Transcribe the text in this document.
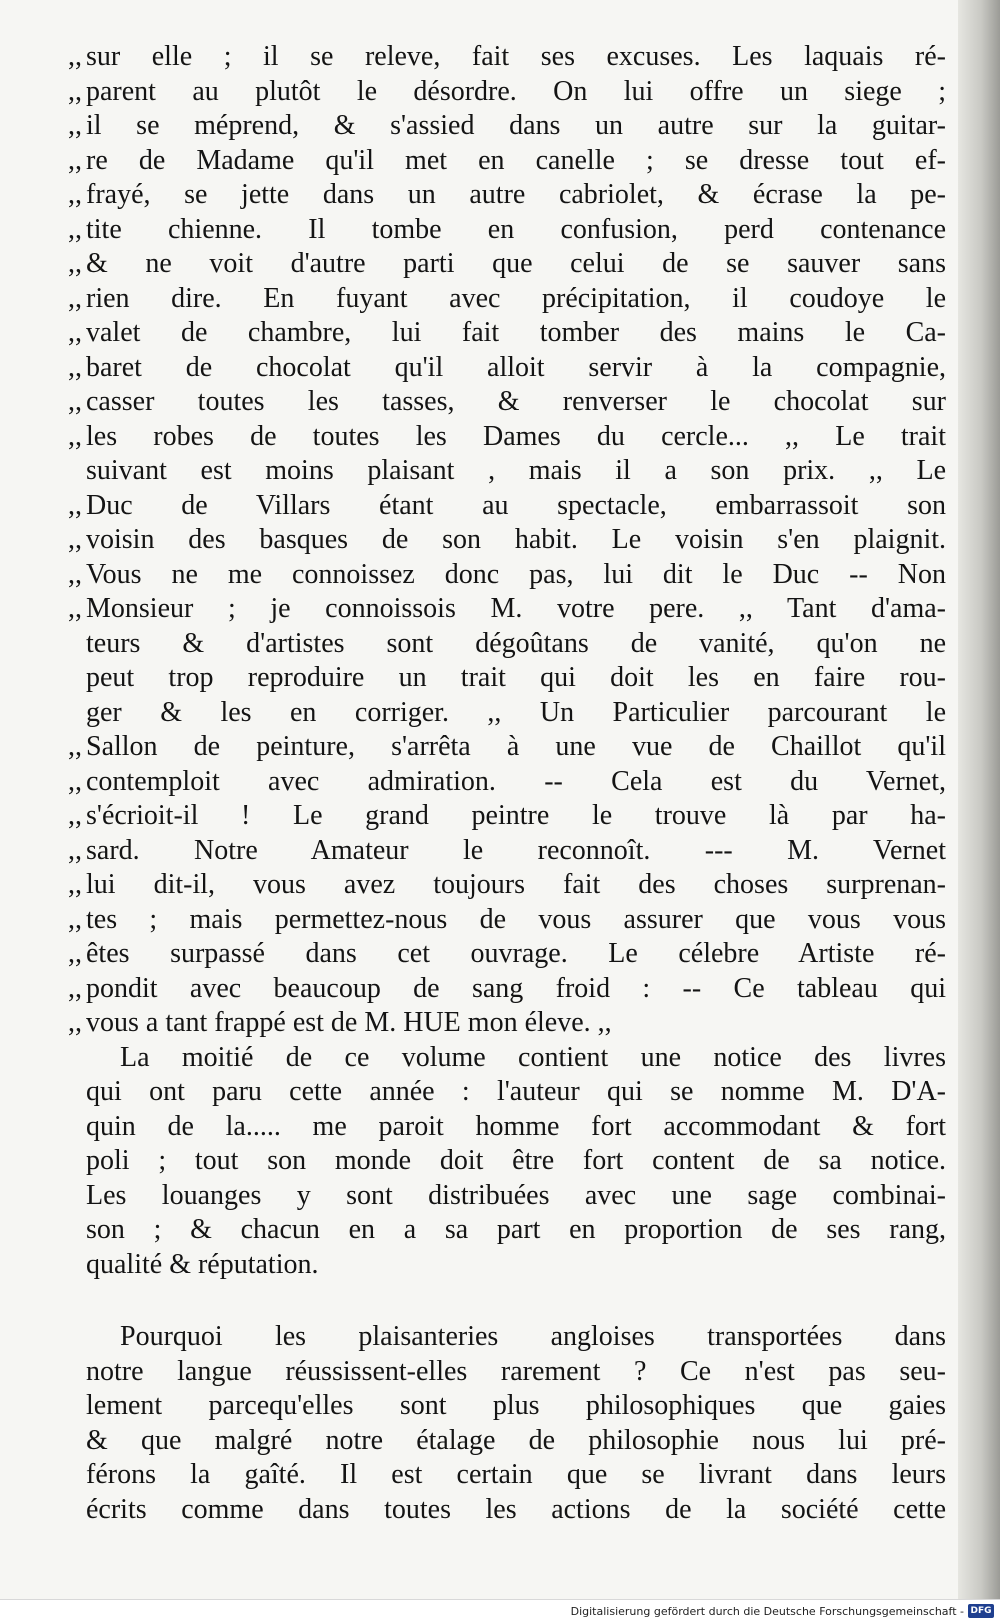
,, sur elle ; il se releve, fait ses excuses. Les laquais ré-
,, parent au plutôt le désordre. On lui offre un siege ;
,, il se méprend, & s'assied dans un autre sur la guitar-
,, re de Madame qu'il met en canelle ; se dresse tout ef-
,, frayé, se jette dans un autre cabriolet, & écrase la pe-
,, tite chienne. Il tombe en confusion, perd contenance
,, & ne voit d'autre parti que celui de se sauver sans
,, rien dire. En fuyant avec précipitation, il coudoye le
,, valet de chambre, lui fait tomber des mains le Ca-
,, baret de chocolat qu'il alloit servir à la compagnie,
,, casser toutes les tasses, & renverser le chocolat sur
,, les robes de toutes les Dames du cercle... ,, Le trait
suivant est moins plaisant , mais il a son prix. ,, Le
,, Duc de Villars étant au spectacle, embarrassoit son
,, voisin des basques de son habit. Le voisin s'en plaignit.
,, Vous ne me connoissez donc pas, lui dit le Duc -- Non
,, Monsieur ; je connoissois M. votre pere. ,, Tant d'ama-
teurs & d'artistes sont dégoûtans de vanité, qu'on ne
peut trop reproduire un trait qui doit les en faire rou-
ger & les en corriger. ,, Un Particulier parcourant le
,, Sallon de peinture, s'arrêta à une vue de Chaillot qu'il
,, contemploit avec admiration. -- Cela est du Vernet,
,, s'écrioit-il ! Le grand peintre le trouve là par ha-
,, sard. Notre Amateur le reconnoît. --- M. Vernet
,, lui dit-il, vous avez toujours fait des choses surprenan-
,, tes ; mais permettez-nous de vous assurer que vous vous
,, êtes surpassé dans cet ouvrage. Le célebre Artiste ré-
,, pondit avec beaucoup de sang froid : -- Ce tableau qui
,, vous a tant frappé est de M. HUE mon éleve. ,,
La moitié de ce volume contient une notice des livres
qui ont paru cette année : l'auteur qui se nomme M. D'A-
quin de la..... me paroit homme fort accommodant & fort
poli ; tout son monde doit être fort content de sa notice.
Les louanges y sont distribuées avec une sage combinai-
son ; & chacun en a sa part en proportion de ses rang,
qualité & réputation.
Pourquoi les plaisanteries angloises transportées dans
notre langue réussissent-elles rarement ? Ce n'est pas seu-
lement parcequ'elles sont plus philosophiques que gaies
& que malgré notre étalage de philosophie nous lui pré-
férons la gaîté. Il est certain que se livrant dans leurs
écrits comme dans toutes les actions de la société cette
Digitalisierung gefördert durch die Deutsche Forschungsgemeinschaft - DFG
